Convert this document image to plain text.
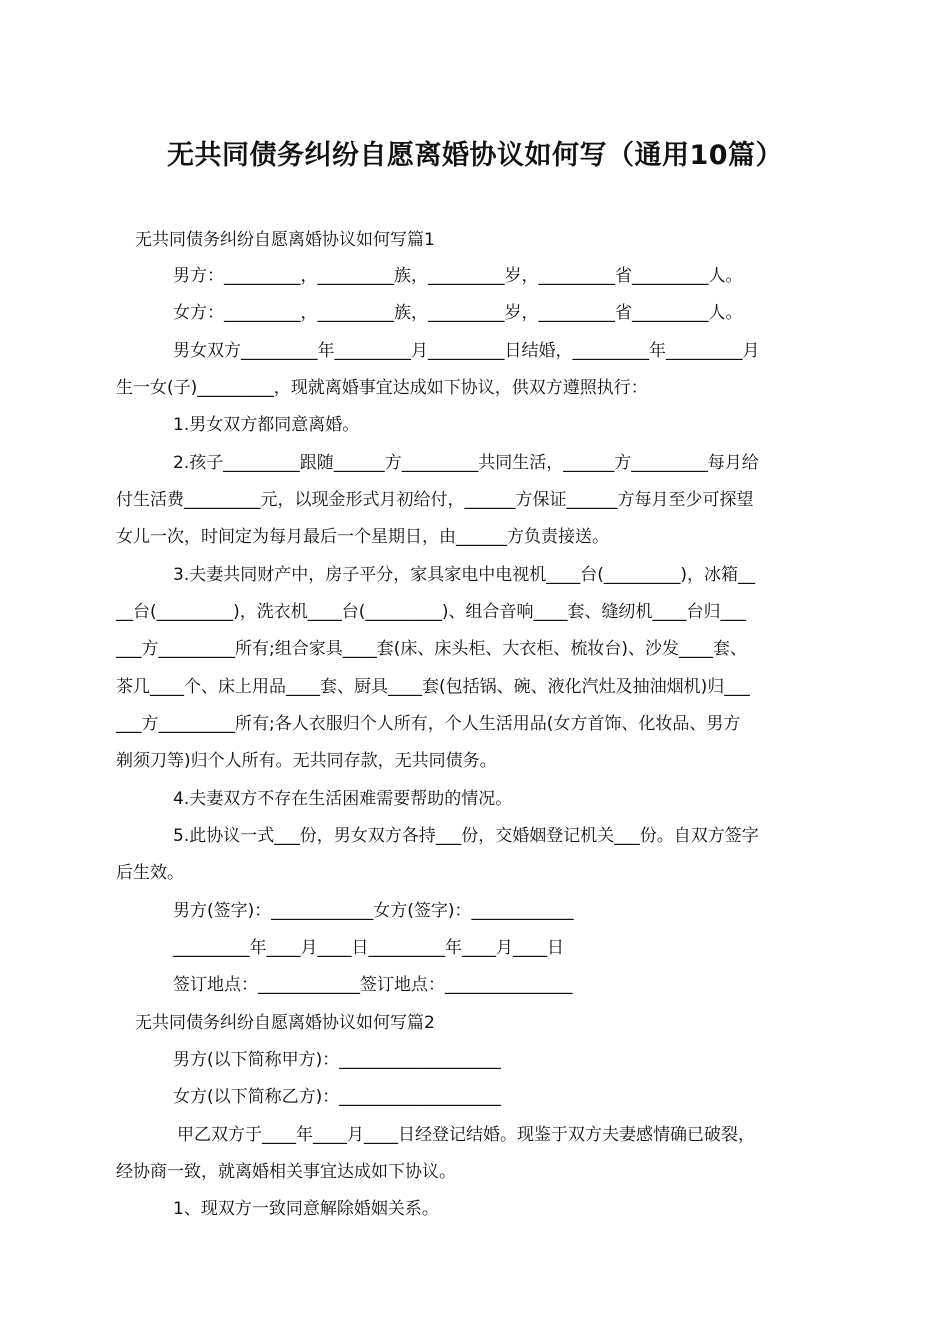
无共同债务纠纷自愿离婚协议如何写（通用10篇）
无共同债务纠纷自愿离婚协议如何写篇1
男方：_________，_________族，_________岁，_________省_________人。
女方：_________，_________族，_________岁，_________省_________人。
男女双方_________年_________月_________日结婚，_________年_________月
生一女(子)_________，现就离婚事宜达成如下协议，供双方遵照执行：
1.男女双方都同意离婚。
2.孩子_________跟随______方_________共同生活，______方_________每月给
付生活费_________元，以现金形式月初给付，______方保证______方每月至少可探望
女儿一次，时间定为每月最后一个星期日，由______方负责接送。
3.夫妻共同财产中，房子平分，家具家电中电视机____台(_________)，冰箱__
__台(_________)，洗衣机____台(_________)、组合音响____套、缝纫机____台归___
___方_________所有;组合家具____套(床、床头柜、大衣柜、梳妆台)、沙发____套、
茶几____个、床上用品____套、厨具____套(包括锅、碗、液化汽灶及抽油烟机)归___
___方_________所有;各人衣服归个人所有，个人生活用品(女方首饰、化妆品、男方
剃须刀等)归个人所有。无共同存款，无共同债务。
4.夫妻双方不存在生活困难需要帮助的情况。
5.此协议一式___份，男女双方各持___份，交婚姻登记机关___份。自双方签字
后生效。
男方(签字)：____________女方(签字)：____________
_________年____月____日_________年____月____日
签订地点：____________签订地点：_______________
无共同债务纠纷自愿离婚协议如何写篇2
男方(以下简称甲方)：___________________
女方(以下简称乙方)：___________________
甲乙双方于____年____月____日经登记结婚。现鉴于双方夫妻感情确已破裂，
经协商一致，就离婚相关事宜达成如下协议。
1、现双方一致同意解除婚姻关系。
